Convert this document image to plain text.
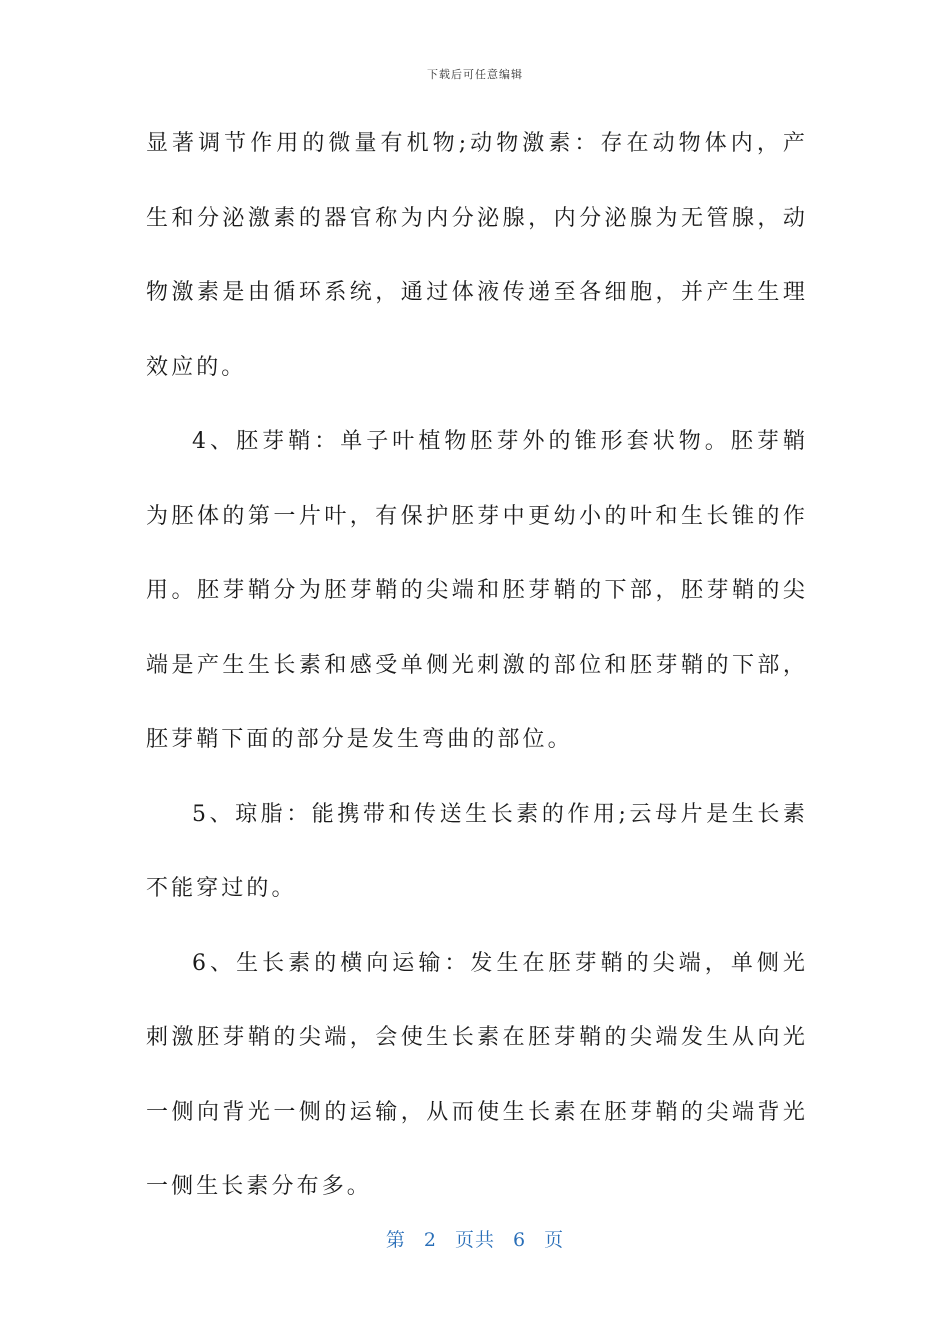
下载后可任意编辑

显著调节作用的微量有机物;动物激素：存在动物体内，产生和分泌激素的器官称为内分泌腺，内分泌腺为无管腺，动物激素是由循环系统，通过体液传递至各细胞，并产生生理效应的。

4、胚芽鞘：单子叶植物胚芽外的锥形套状物。胚芽鞘为胚体的第一片叶，有保护胚芽中更幼小的叶和生长锥的作用。胚芽鞘分为胚芽鞘的尖端和胚芽鞘的下部，胚芽鞘的尖端是产生生长素和感受单侧光刺激的部位和胚芽鞘的下部，胚芽鞘下面的部分是发生弯曲的部位。

5、琼脂：能携带和传送生长素的作用;云母片是生长素不能穿过的。

6、生长素的横向运输：发生在胚芽鞘的尖端，单侧光刺激胚芽鞘的尖端，会使生长素在胚芽鞘的尖端发生从向光一侧向背光一侧的运输，从而使生长素在胚芽鞘的尖端背光一侧生长素分布多。

第 2 页共 6 页
